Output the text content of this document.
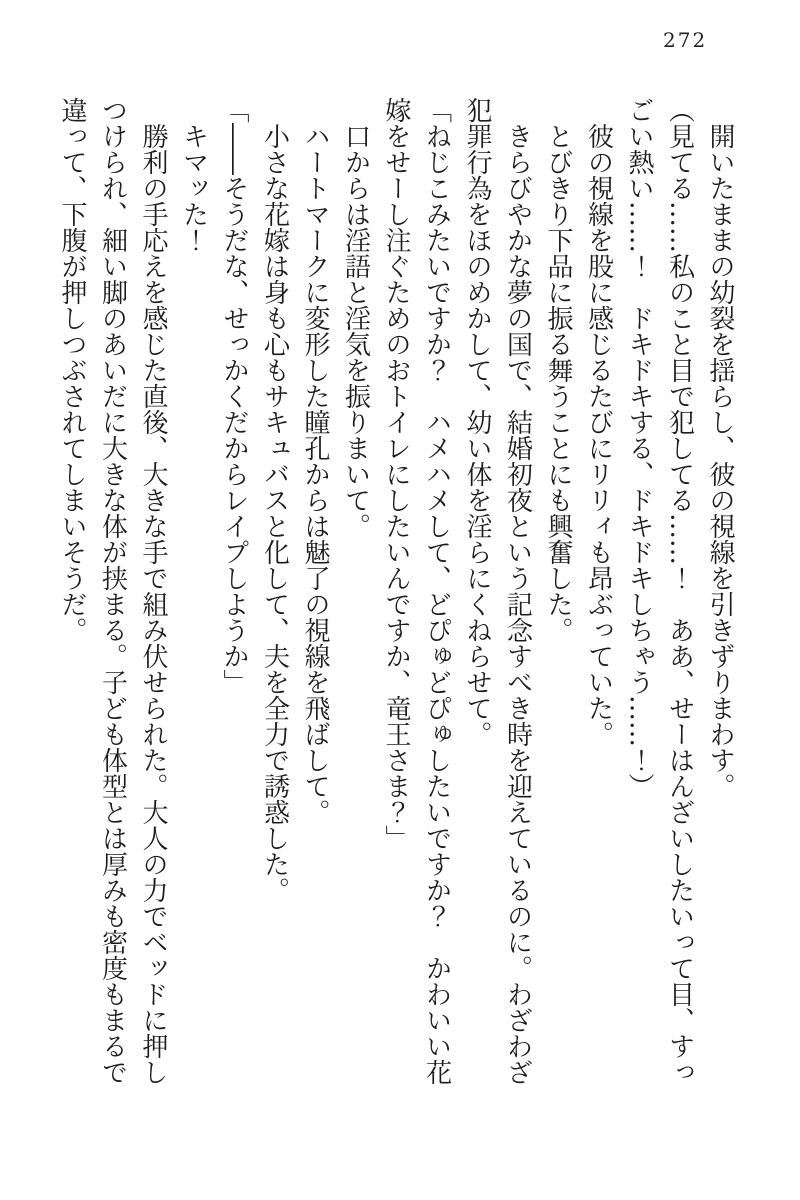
272

開いたままの幼裂を揺らし、彼の視線を引きずりまわす。

（見てる……私のこと目で犯してる……！　ああ、せーはんざいしたいって目、すっごい熱い……！　ドキドキする、ドキドキしちゃう……！）

彼の視線を股に感じるたびにリリィも昂ぶっていた。

とびきり下品に振る舞うことにも興奮した。

きらびやかな夢の国で、結婚初夜という記念すべき時を迎えているのに。わざわざ犯罪行為をほのめかして、幼い体を淫らにくねらせて。

「ねじこみたいですか？　ハメハメして、どぴゅどぴゅしたいですか？　かわいい花嫁をせーし注ぐためのおトイレにしたいんですか、竜王さま？」

口からは淫語と淫気を振りまいて。

ハートマークに変形した瞳孔からは魅了の視線を飛ばして。

小さな花嫁は身も心もサキュバスと化して、夫を全力で誘惑した。

「――そうだな、せっかくだからレイプしようか」

キマッた！

勝利の手応えを感じた直後、大きな手で組み伏せられた。大人の力でベッドに押しつけられ、細い脚のあいだに大きな体が挟まる。子ども体型とは厚みも密度もまるで違って、下腹が押しつぶされてしまいそうだ。
